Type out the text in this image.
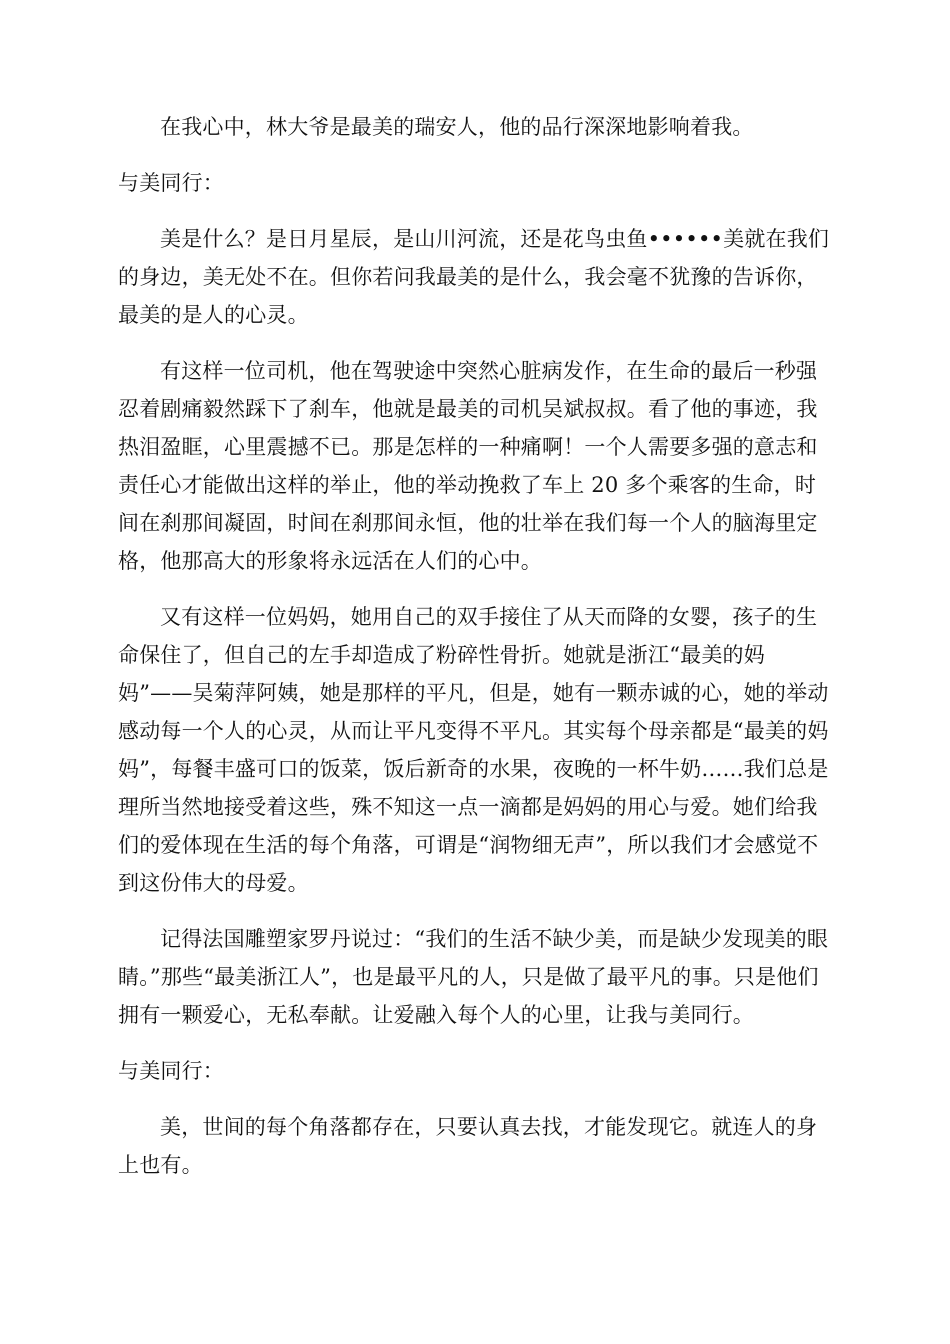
在我心中，林大爷是最美的瑞安人，他的品行深深地影响着我。

与美同行：

美是什么？是日月星辰，是山川河流，还是花鸟虫鱼••••••美就在我们的身边，美无处不在。但你若问我最美的是什么，我会毫不犹豫的告诉你，最美的是人的心灵。

有这样一位司机，他在驾驶途中突然心脏病发作，在生命的最后一秒强忍着剧痛毅然踩下了刹车，他就是最美的司机吴斌叔叔。看了他的事迹，我热泪盈眶，心里震撼不已。那是怎样的一种痛啊！一个人需要多强的意志和责任心才能做出这样的举止，他的举动挽救了车上 20 多个乘客的生命，时间在刹那间凝固，时间在刹那间永恒，他的壮举在我们每一个人的脑海里定格，他那高大的形象将永远活在人们的心中。

又有这样一位妈妈，她用自己的双手接住了从天而降的女婴，孩子的生命保住了，但自己的左手却造成了粉碎性骨折。她就是浙江“最美的妈妈”——吴菊萍阿姨，她是那样的平凡，但是，她有一颗赤诚的心，她的举动感动每一个人的心灵，从而让平凡变得不平凡。其实每个母亲都是“最美的妈妈”，每餐丰盛可口的饭菜，饭后新奇的水果，夜晚的一杯牛奶……我们总是理所当然地接受着这些，殊不知这一点一滴都是妈妈的用心与爱。她们给我们的爱体现在生活的每个角落，可谓是“润物细无声”，所以我们才会感觉不到这份伟大的母爱。

记得法国雕塑家罗丹说过：“我们的生活不缺少美，而是缺少发现美的眼睛。”那些“最美浙江人”，也是最平凡的人，只是做了最平凡的事。只是他们拥有一颗爱心，无私奉献。让爱融入每个人的心里，让我与美同行。

与美同行：

美，世间的每个角落都存在，只要认真去找，才能发现它。就连人的身上也有。
